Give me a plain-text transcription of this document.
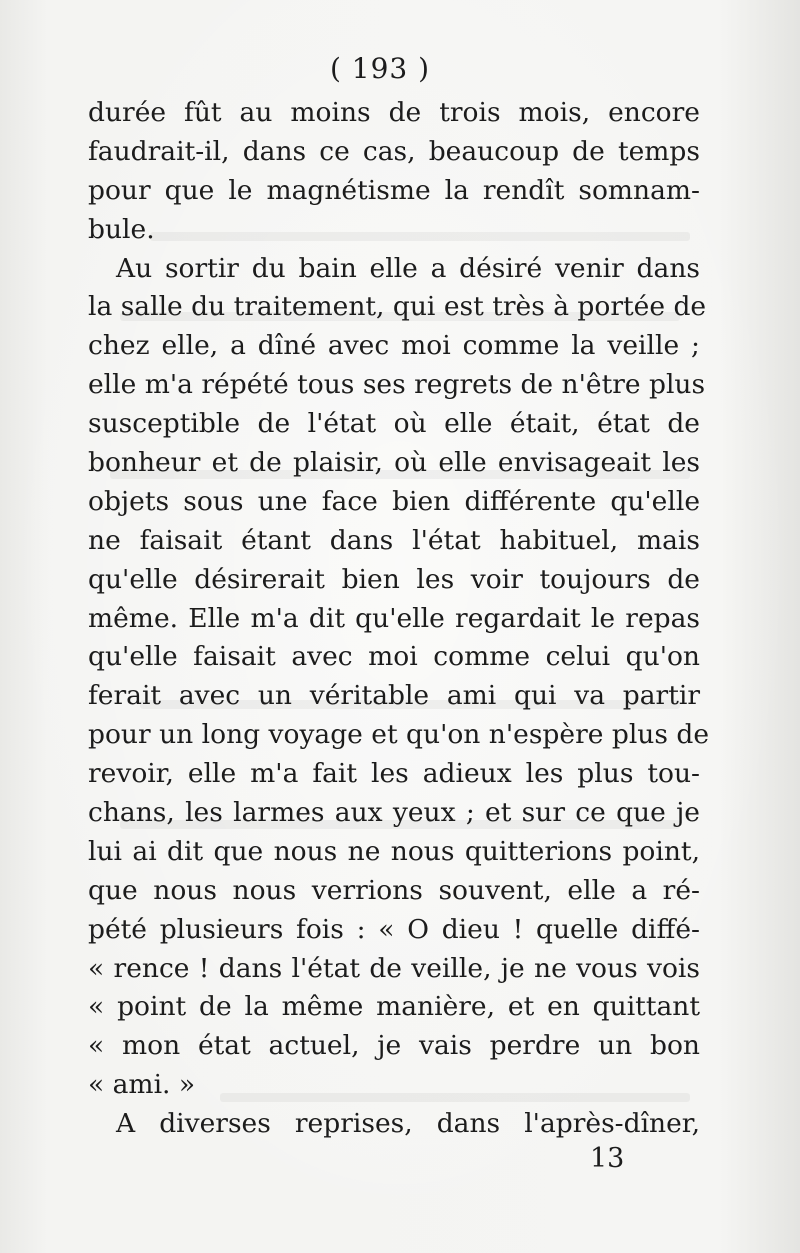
( 193 )
durée fût au moins de trois mois, encore
faudrait-il, dans ce cas, beaucoup de temps
pour que le magnétisme la rendît somnam-
bule.
Au sortir du bain elle a désiré venir dans
la salle du traitement, qui est très à portée de
chez elle, a dîné avec moi comme la veille ;
elle m'a répété tous ses regrets de n'être plus
susceptible de l'état où elle était, état de
bonheur et de plaisir, où elle envisageait les
objets sous une face bien différente qu'elle
ne faisait étant dans l'état habituel, mais
qu'elle désirerait bien les voir toujours de
même. Elle m'a dit qu'elle regardait le repas
qu'elle faisait avec moi comme celui qu'on
ferait avec un véritable ami qui va partir
pour un long voyage et qu'on n'espère plus de
revoir, elle m'a fait les adieux les plus tou-
chans, les larmes aux yeux ; et sur ce que je
lui ai dit que nous ne nous quitterions point,
que nous nous verrions souvent, elle a ré-
pété plusieurs fois : « O dieu ! quelle diffé-
« rence ! dans l'état de veille, je ne vous vois
« point de la même manière, et en quittant
« mon état actuel, je vais perdre un bon
« ami. »
A diverses reprises, dans l'après-dîner,
13
